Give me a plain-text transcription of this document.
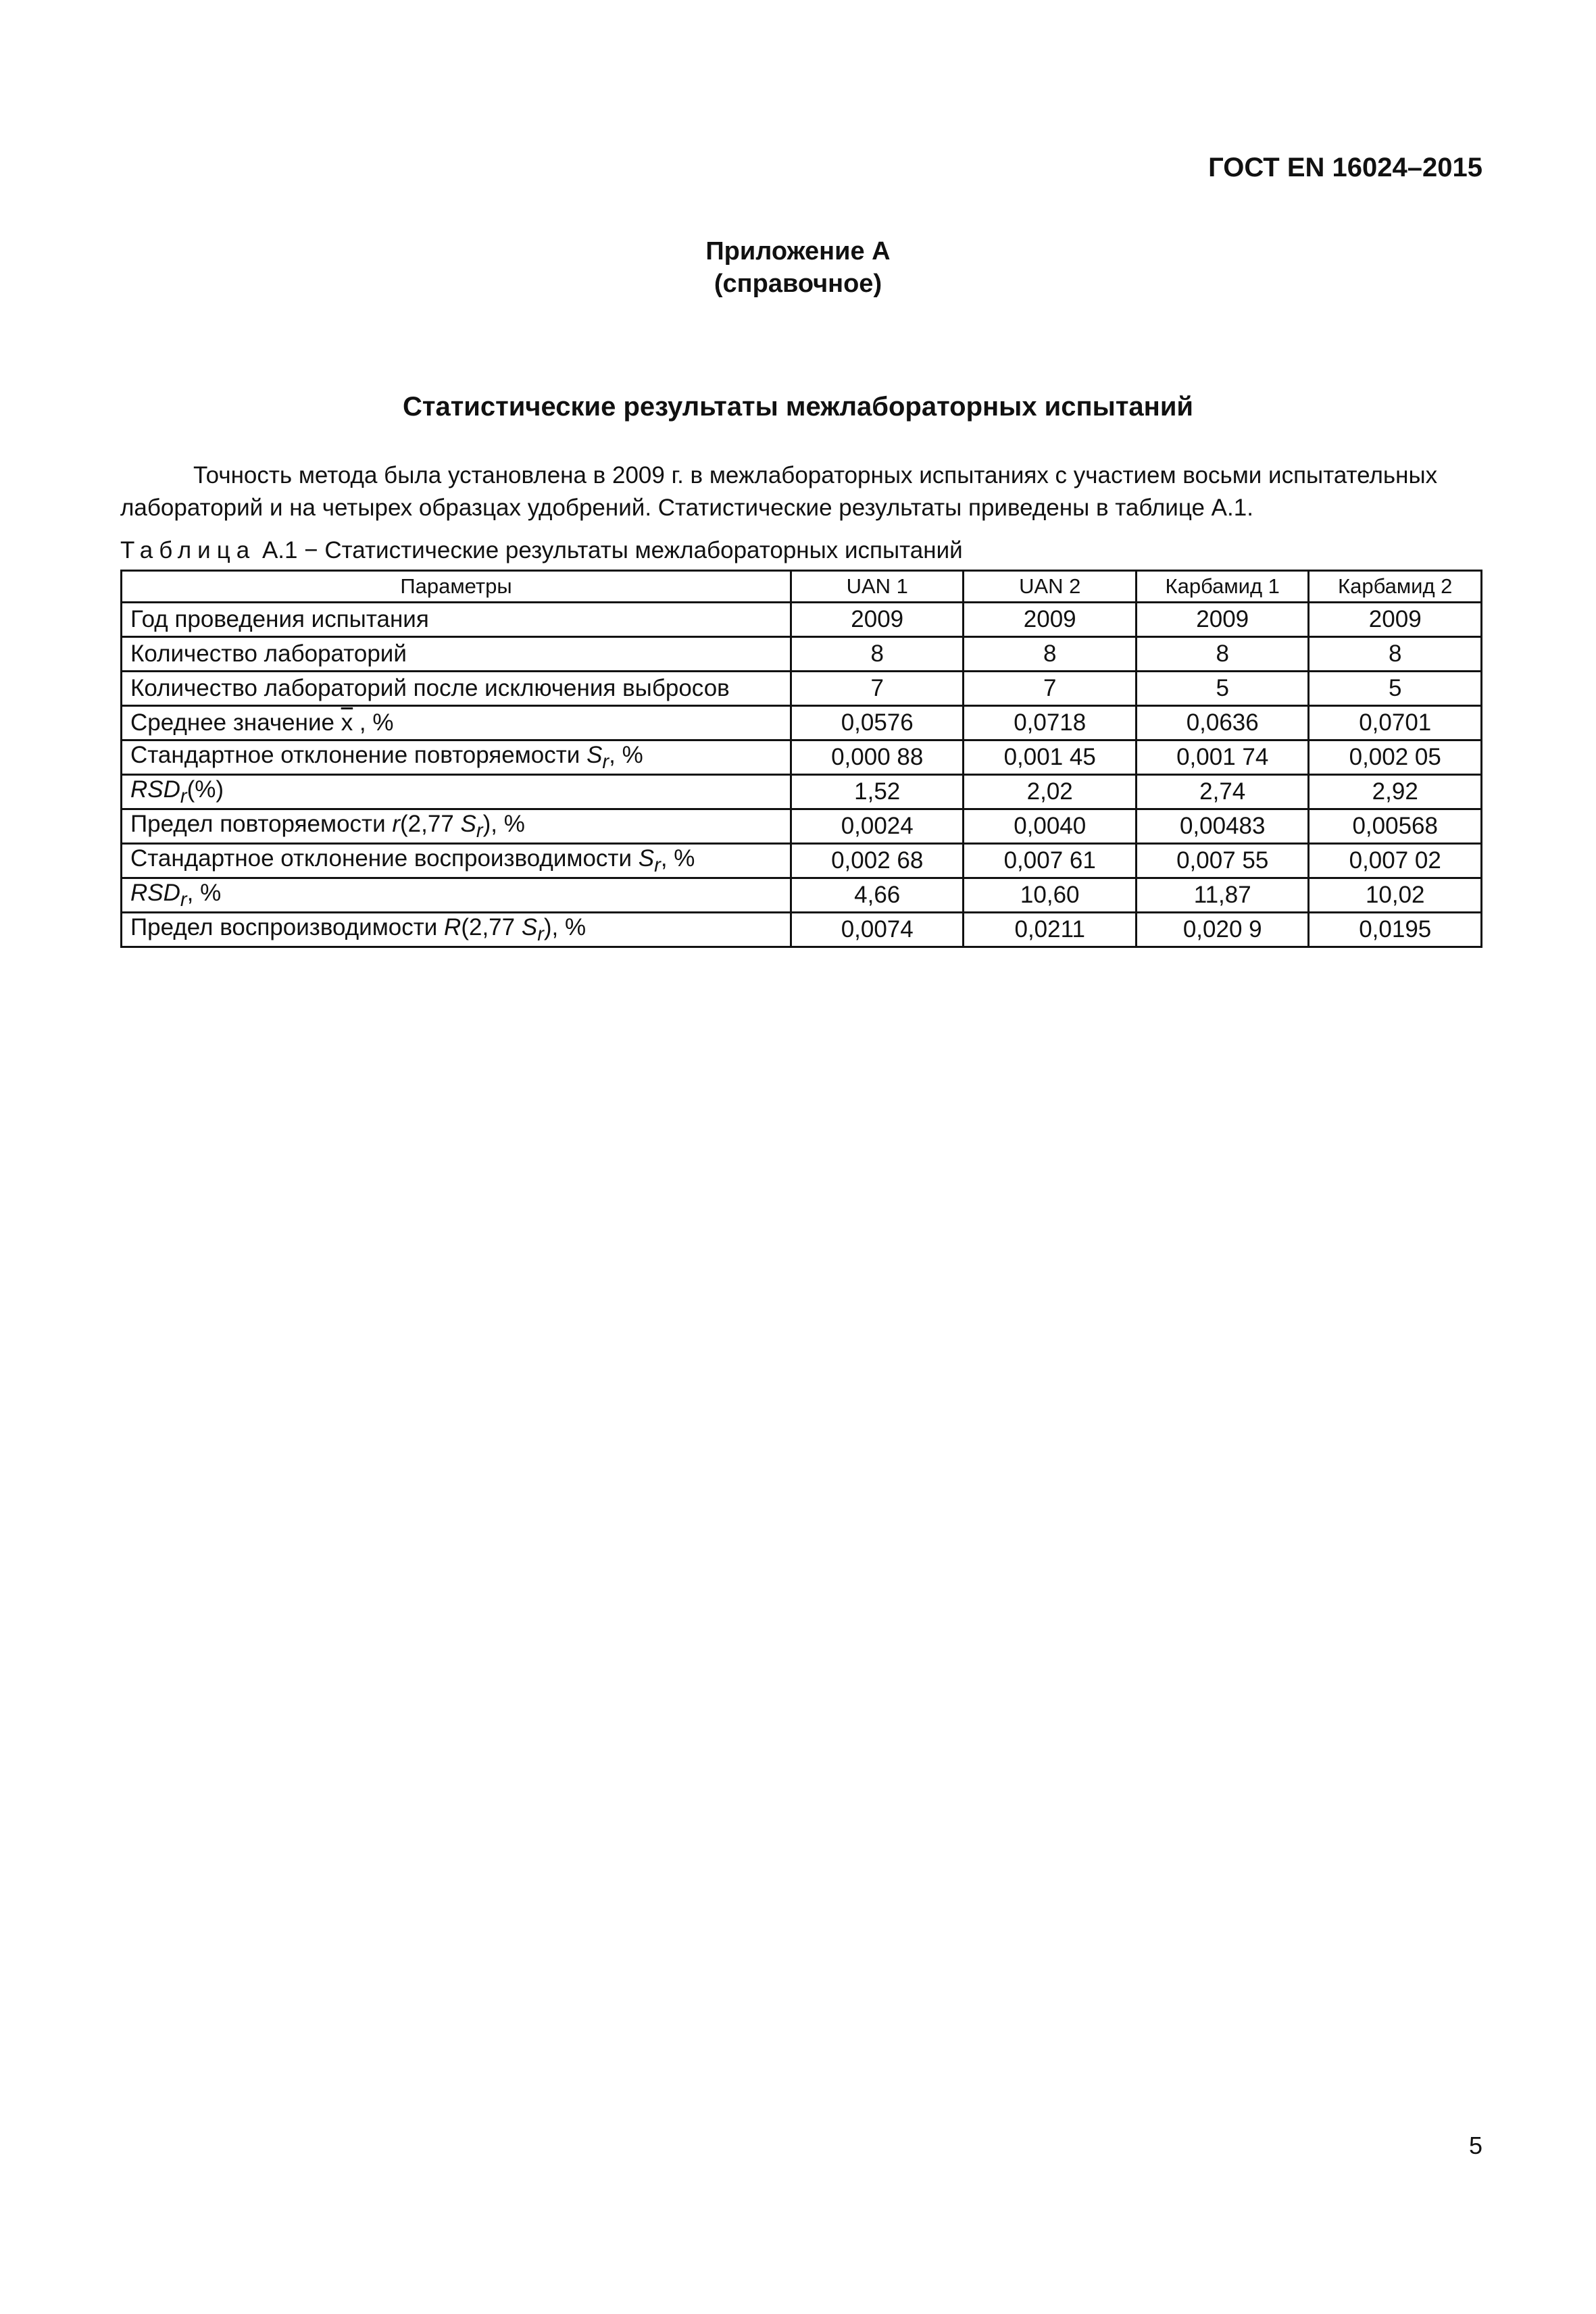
ГОСТ EN 16024–2015
Приложение А
(справочное)
Статистические результаты межлабораторных испытаний
Точность метода была установлена в 2009 г. в межлабораторных испытаниях с участием восьми испытательных лабораторий и на четырех образцах удобрений. Статистические результаты приведены в таблице А.1.
Таблица А.1 − Статистические результаты межлабораторных испытаний
Параметры	UAN 1	UAN 2	Карбамид 1	Карбамид 2
Год проведения испытания	2009	2009	2009	2009
Количество лабораторий	8	8	8	8
Количество лабораторий после исключения выбросов	7	7	5	5
Среднее значение $\overline{x}$ , %	0,0576	0,0718	0,0636	0,0701
Стандартное отклонение повторяемости $S_r$, %	0,000 88	0,001 45	0,001 74	0,002 05
$RSD_r(\%)$	1,52	2,02	2,74	2,92
Предел повторяемости r(2,77 $S_r$), %	0,0024	0,0040	0,00483	0,00568
Стандартное отклонение воспроизводимости $S_r$, %	0,002 68	0,007 61	0,007 55	0,007 02
$RSD_r$, %	4,66	10,60	11,87	10,02
Предел воспроизводимости R(2,77 $S_r$), %	0,0074	0,0211	0,020 9	0,0195
5
